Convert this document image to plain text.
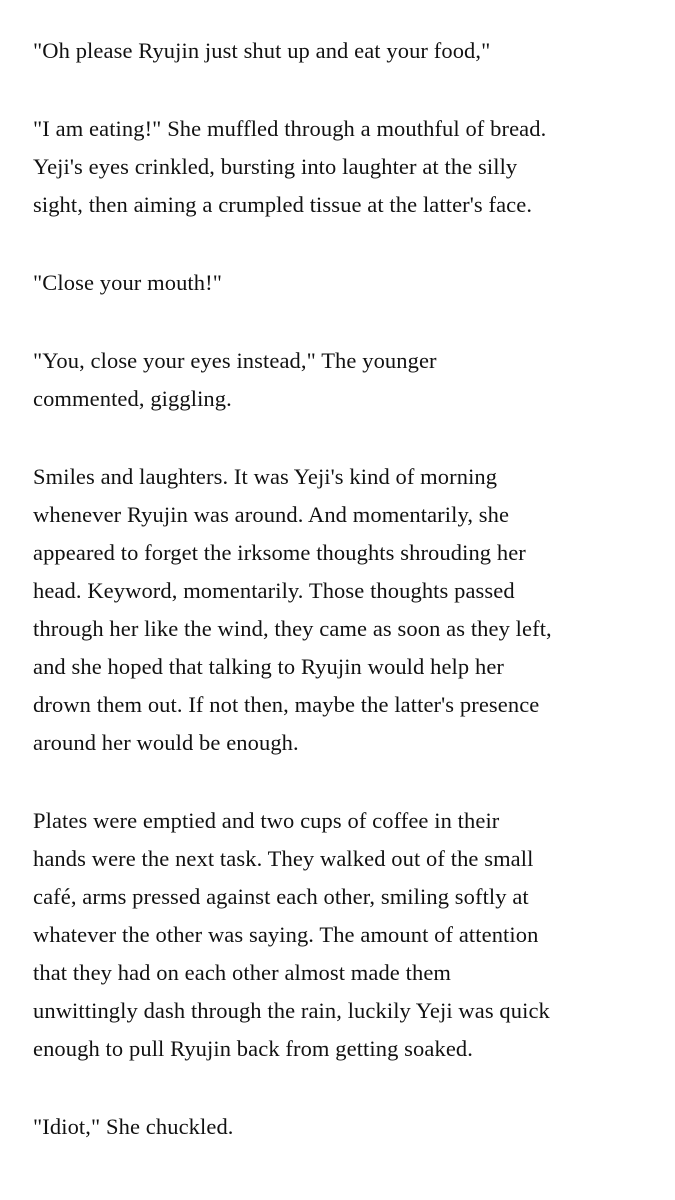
"Oh please Ryujin just shut up and eat your food,"
"I am eating!" She muffled through a mouthful of bread.
Yeji's eyes crinkled, bursting into laughter at the silly
sight, then aiming a crumpled tissue at the latter's face.
"Close your mouth!"
"You, close your eyes instead," The younger
commented, giggling.
Smiles and laughters. It was Yeji's kind of morning
whenever Ryujin was around. And momentarily, she
appeared to forget the irksome thoughts shrouding her
head. Keyword, momentarily. Those thoughts passed
through her like the wind, they came as soon as they left,
and she hoped that talking to Ryujin would help her
drown them out. If not then, maybe the latter's presence
around her would be enough.
Plates were emptied and two cups of coffee in their
hands were the next task. They walked out of the small
café, arms pressed against each other, smiling softly at
whatever the other was saying. The amount of attention
that they had on each other almost made them
unwittingly dash through the rain, luckily Yeji was quick
enough to pull Ryujin back from getting soaked.
"Idiot," She chuckled.
